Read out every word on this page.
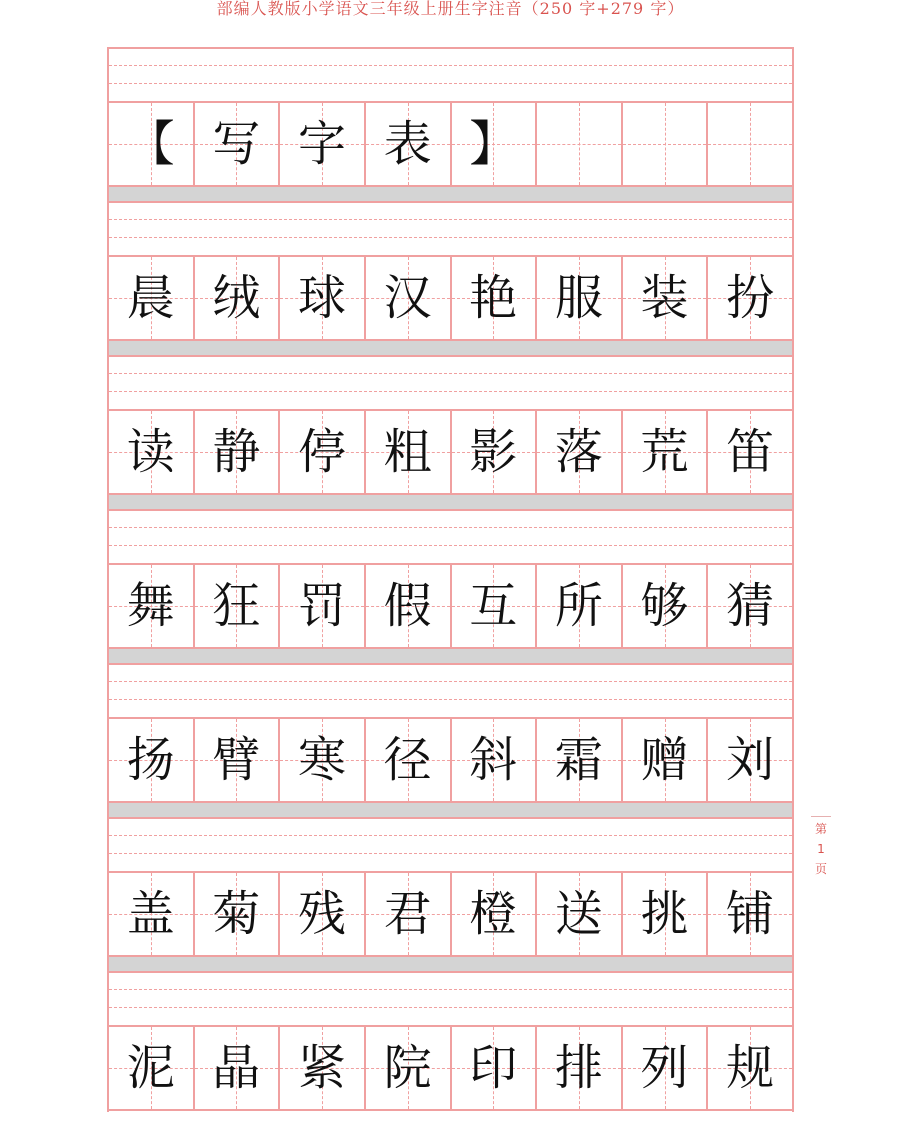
部编人教版小学语文三年级上册生字注音（250 字+279 字）
【 写 字 表 】
晨 绒 球 汉 艳 服 装 扮
读 静 停 粗 影 落 荒 笛
舞 狂 罚 假 互 所 够 猜
扬 臂 寒 径 斜 霜 赠 刘
盖 菊 残 君 橙 送 挑 铺
泥 晶 紧 院 印 排 列 规
第
1
页
